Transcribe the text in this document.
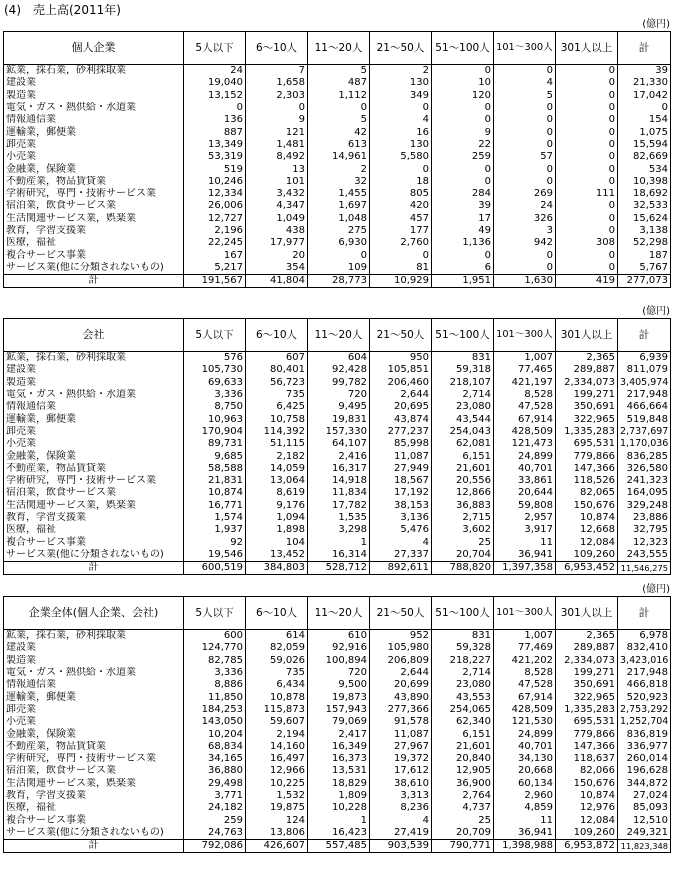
(4)　売上高(2011年)
(億円)
個人企業	5人以下	6～10人	11～20人	21～50人	51～100人	101～300人	301人以上	計
鉱業，採石業，砂利採取業	24	7	5	2	0	0	0	39
建設業	19,040	1,658	487	130	10	4	0	21,330
製造業	13,152	2,303	1,112	349	120	5	0	17,042
電気・ガス・熱供給・水道業	0	0	0	0	0	0	0	0
情報通信業	136	9	5	4	0	0	0	154
運輸業，郵便業	887	121	42	16	9	0	0	1,075
卸売業	13,349	1,481	613	130	22	0	0	15,594
小売業	53,319	8,492	14,961	5,580	259	57	0	82,669
金融業，保険業	519	13	2	0	0	0	0	534
不動産業，物品賃貸業	10,246	101	32	18	0	0	0	10,398
学術研究，専門・技術サービス業	12,334	3,432	1,455	805	284	269	111	18,692
宿泊業，飲食サービス業	26,006	4,347	1,697	420	39	24	0	32,533
生活関連サービス業，娯楽業	12,727	1,049	1,048	457	17	326	0	15,624
教育，学習支援業	2,196	438	275	177	49	3	0	3,138
医療，福祉	22,245	17,977	6,930	2,760	1,136	942	308	52,298
複合サービス事業	167	20	0	0	0	0	0	187
サービス業(他に分類されないもの)	5,217	354	109	81	6	0	0	5,767
計	191,567	41,804	28,773	10,929	1,951	1,630	419	277,073
(億円)
会社	5人以下	6～10人	11～20人	21～50人	51～100人	101～300人	301人以上	計
鉱業，採石業，砂利採取業	576	607	604	950	831	1,007	2,365	6,939
建設業	105,730	80,401	92,428	105,851	59,318	77,465	289,887	811,079
製造業	69,633	56,723	99,782	206,460	218,107	421,197	2,334,073	3,405,974
電気・ガス・熱供給・水道業	3,336	735	720	2,644	2,714	8,528	199,271	217,948
情報通信業	8,750	6,425	9,495	20,695	23,080	47,528	350,691	466,664
運輸業，郵便業	10,963	10,758	19,831	43,874	43,544	67,914	322,965	519,848
卸売業	170,904	114,392	157,330	277,237	254,043	428,509	1,335,283	2,737,697
小売業	89,731	51,115	64,107	85,998	62,081	121,473	695,531	1,170,036
金融業，保険業	9,685	2,182	2,416	11,087	6,151	24,899	779,866	836,285
不動産業，物品賃貸業	58,588	14,059	16,317	27,949	21,601	40,701	147,366	326,580
学術研究，専門・技術サービス業	21,831	13,064	14,918	18,567	20,556	33,861	118,526	241,323
宿泊業，飲食サービス業	10,874	8,619	11,834	17,192	12,866	20,644	82,065	164,095
生活関連サービス業，娯楽業	16,771	9,176	17,782	38,153	36,883	59,808	150,676	329,248
教育，学習支援業	1,574	1,094	1,535	3,136	2,715	2,957	10,874	23,886
医療，福祉	1,937	1,898	3,298	5,476	3,602	3,917	12,668	32,795
複合サービス事業	92	104	1	4	25	11	12,084	12,323
サービス業(他に分類されないもの)	19,546	13,452	16,314	27,337	20,704	36,941	109,260	243,555
計	600,519	384,803	528,712	892,611	788,820	1,397,358	6,953,452	11,546,275
(億円)
企業全体(個人企業、会社)	5人以下	6～10人	11～20人	21～50人	51～100人	101～300人	301人以上	計
鉱業，採石業，砂利採取業	600	614	610	952	831	1,007	2,365	6,978
建設業	124,770	82,059	92,916	105,980	59,328	77,469	289,887	832,410
製造業	82,785	59,026	100,894	206,809	218,227	421,202	2,334,073	3,423,016
電気・ガス・熱供給・水道業	3,336	735	720	2,644	2,714	8,528	199,271	217,948
情報通信業	8,886	6,434	9,500	20,699	23,080	47,528	350,691	466,818
運輸業，郵便業	11,850	10,878	19,873	43,890	43,553	67,914	322,965	520,923
卸売業	184,253	115,873	157,943	277,366	254,065	428,509	1,335,283	2,753,292
小売業	143,050	59,607	79,069	91,578	62,340	121,530	695,531	1,252,704
金融業，保険業	10,204	2,194	2,417	11,087	6,151	24,899	779,866	836,819
不動産業，物品賃貸業	68,834	14,160	16,349	27,967	21,601	40,701	147,366	336,977
学術研究，専門・技術サービス業	34,165	16,497	16,373	19,372	20,840	34,130	118,637	260,014
宿泊業，飲食サービス業	36,880	12,966	13,531	17,612	12,905	20,668	82,066	196,628
生活関連サービス業，娯楽業	29,498	10,225	18,829	38,610	36,900	60,134	150,676	344,872
教育，学習支援業	3,771	1,532	1,809	3,313	2,764	2,960	10,874	27,024
医療，福祉	24,182	19,875	10,228	8,236	4,737	4,859	12,976	85,093
複合サービス事業	259	124	1	4	25	11	12,084	12,510
サービス業(他に分類されないもの)	24,763	13,806	16,423	27,419	20,709	36,941	109,260	249,321
計	792,086	426,607	557,485	903,539	790,771	1,398,988	6,953,872	11,823,348
